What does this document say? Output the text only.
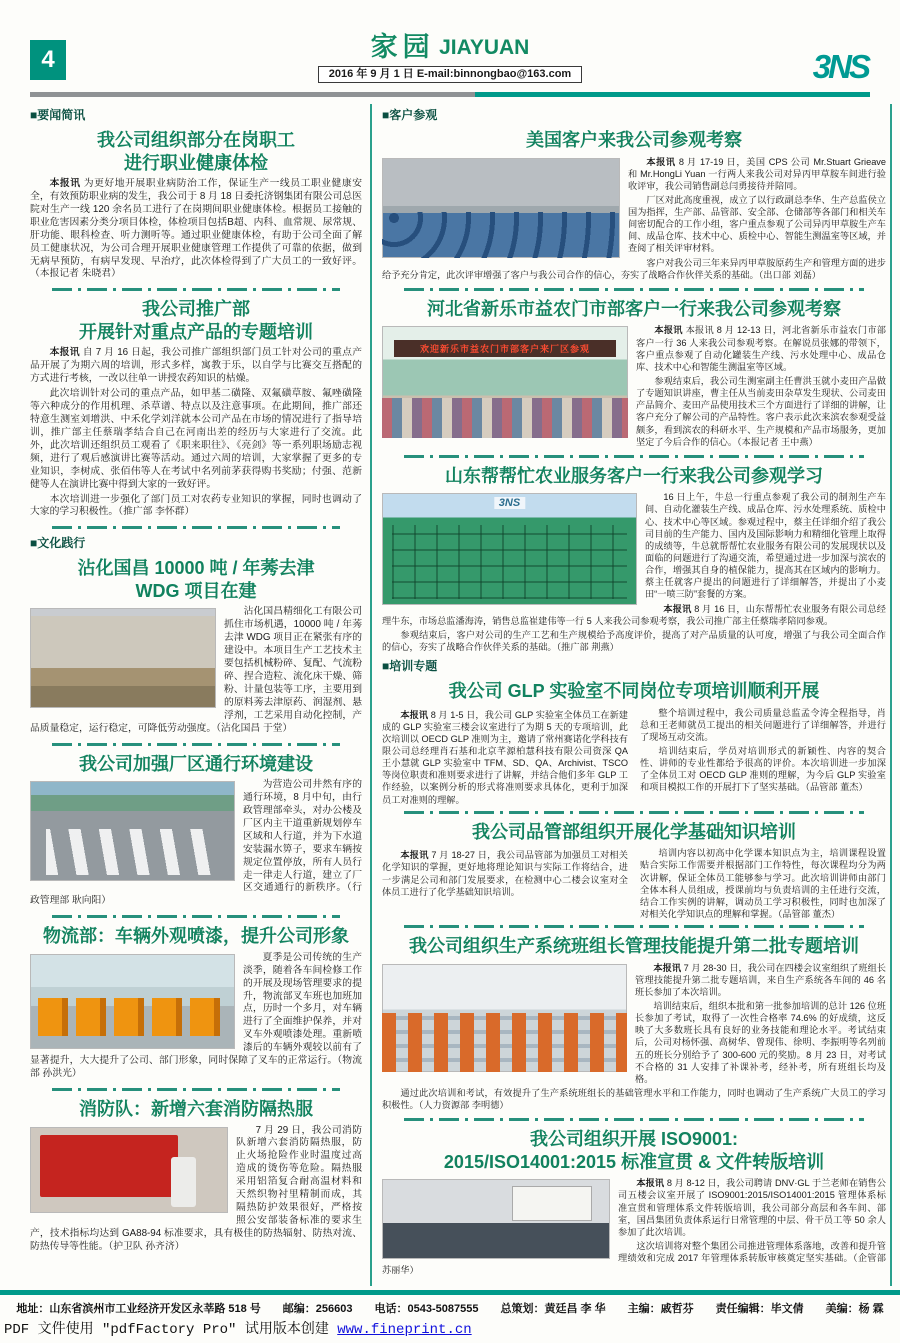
4	家园 JIAYUAN
2016 年 9 月 1 日 E-mail:binnongbao@163.com	3NS
■要闻简讯
我公司组织部分在岗职工
进行职业健康体检

本报讯 为更好地开展职业病防治工作，保证生产一线员工职业健康安全，有效预防职业病的发生，我公司于 8 月 18 日委托济钢集团有限公司总医院对生产一线 120 余名员工进行了在岗期间职业健康体检。根据员工接触的职业危害因素分类分项目体检，体检项目包括B超、内科、血常规、尿常规、肝功能、眼科检查、听力测听等。通过职业健康体检，有助于公司全面了解员工健康状况，为公司合理开展职业健康管理工作提供了可靠的依据，做到无病早预防，有病早发现、早治疗，此次体检得到了广大员工的一致好评。（本报记者 朱晓君）

我公司推广部
开展针对重点产品的专题培训

本报讯 自 7 月 16 日起，我公司推广部组织部门员工针对公司的重点产品开展了为期六周的培训，形式多样，寓教于乐，以自学与比赛交互搭配的方式进行考核，一改以往单一讲授农药知识的枯燥。

此次培训针对公司的重点产品，如甲基二磺隆、双氟磺草胺、氟唑磺隆等六种成分的作用机理、杀草谱、特点以及注意事项。在此期间，推广部还特意生测室刘增洪、中禾化学刘洋就本公司产品在市场的情况进行了指导培训，推广部主任蔡瑞孝结合自己在河南出差的经历与大家进行了交流。此外，此次培训还组织员工观看了《职来职往》、《亮剑》等一系列职场励志视频，进行了观后感演讲比赛等活动。通过六周的培训，大家掌握了更多的专业知识，李树成、张佰伟等人在考试中名列前茅获得购书奖励；付强、范新健等人在演讲比赛中得到大家的一致好评。

本次培训进一步强化了部门员工对农药专业知识的掌握，同时也调动了大家的学习积极性。（推广部 李怀群）

■文化践行
沾化国昌 10000 吨 / 年莠去津
WDG 项目在建

沾化国昌精细化工有限公司抓住市场机遇，10000 吨 / 年莠去津 WDG 项目正在紧张有序的建设中。本项目生产工艺技术主要包括机械粉碎、复配、气流粉碎、捏合造粒、流化床干燥、筛粉、计量包装等工序，主要用到的原料莠去津原药、润湿剂、悬浮剂，工艺采用自动化控制，产品质量稳定，运行稳定，可降低劳动强度。（沾化国昌 于堂）

我公司加强厂区通行环境建设

为营造公司井然有序的通行环境，8 月中旬，由行政管理部牵头，对办公楼及厂区内主干道重新规划停车区域和人行道，并为下水道安装漏水箅子，要求车辆按规定位置停放，所有人员行走一律走人行道，建立了厂区交通通行的新秩序。（行政管理部 耿向阳）

物流部：车辆外观喷漆，提升公司形象

夏季是公司传统的生产淡季，随着各车间检修工作的开展及现场管理要求的提升，物流部叉车班也加班加点，历时一个多月，对车辆进行了全面维护保养，并对叉车外观喷漆处理。重新喷漆后的车辆外观较以前有了显著提升，大大提升了公司、部门形象，同时保障了叉车的正常运行。（物流部 孙洪光）

消防队：新增六套消防隔热服

7 月 29 日，我公司消防队新增六套消防隔热服，防止火场抢险作业时温度过高造成的烫伤等危险。隔热服采用铝箔复合耐高温材料和天然织物衬里精制而成，其隔热防护效果很好，严格按照公安部装备标准的要求生产，技术指标均达到 GA88-94 标准要求，具有极佳的防热辐射、防热对流、防热传导等性能。（护卫队 孙齐济）

■客户参观
美国客户来我公司参观考察

本报讯 8 月 17-19 日，美国 CPS 公司 Mr.Stuart Grieave 和 Mr.HongLi Yuan 一行两人来我公司对异丙甲草胺车间进行验收评审，我公司销售副总闫勇接待并陪同。

厂区对此高度重视，成立了以行政副总李华、生产总监侯立国为指挥，生产部、品管部、安全部、仓储部等各部门和相关车间密切配合的工作小组，客户重点参观了公司异丙甲草胺生产车间、成品仓库、技术中心、质检中心、智能生测温室等区域，并查阅了相关评审材料。

客户对我公司三年来异丙甲草胺原药生产和管理方面的进步给予充分肯定，此次评审增强了客户与我公司合作的信心，夯实了战略合作伙伴关系的基础。（出口部 刘磊）

河北省新乐市益农门市部客户一行来我公司参观考察
欢迎新乐市益农门市部客户来厂区参观

本报讯 本报讯 8 月 12-13 日，河北省新乐市益农门市部客户一行 36 人来我公司参观考察。在解说员张娜的带领下，客户重点参观了自动化罐装生产线、污水处理中心、成品仓库、技术中心和智能生测温室等区域。

参观结束后，我公司生测室副主任曹洪玉就小麦田产品做了专题知识讲座，曹主任从当前麦田杂草发生现状、公司麦田产品简介、麦田产品使用技术三个方面进行了详细的讲解，让客户充分了解公司的产品特性。客户表示此次来滨农参观受益颇多，看到滨农的科研水平、生产规模和产品市场服务，更加坚定了今后合作的信心。（本报记者 王中燕）

山东帮帮忙农业服务客户一行来我公司参观学习
3NS	16 日上午，牛总一行重点参观了我公司的制剂生产车间、自动化灌装生产线、成品仓库、污水处理系统、质检中心、技术中心等区域。参观过程中，蔡主任详细介绍了我公司目前的生产能力、国内及国际影响力和精细化管理上取得的成绩等，牛总就帮帮忙农业服务有限公司的发展现状以及面临的问题进行了沟通交流，希望通过进一步加深与滨农的合作，增强其自身的植保能力，提高其在区域内的影响力。蔡主任就客户提出的问题进行了详细解答，并提出了小麦田“一喷三防”套餐的方案。

本报讯 8 月 16 日，山东帮帮忙农业服务有限公司总经理牛东，市场总监潘海涛，销售总监崔建伟等一行 5 人来我公司参观考察，我公司推广部主任蔡瑞孝陪同参观。

参观结束后，客户对公司的生产工艺和生产规模给予高度评价，提高了对产品质量的认可度，增强了与我公司全面合作的信心，夯实了战略合作伙伴关系的基础。（推广部 荆燕）

■培训专题
我公司 GLP 实验室不同岗位专项培训顺利开展

本报讯 8 月 1-5 日，我公司 GLP 实验室全体员工在新建成的 GLP 实验室三楼会议室进行了为期 5 天的专项培训，此次培训以 OECD GLP 准则为主，邀请了常州赛诺化学科技有限公司总经理肖石基和北京芊源柏慧科技有限公司资深 QA 王小慧就 GLP 实验室中 TFM、SD、QA、Archivist、TSCO 等岗位职责和准则要求进行了讲解，并结合他们多年 GLP 工作经验，以案例分析的形式将准则要求具体化，更利于加深员工对准则的理解。

整个培训过程中，我公司质量总监孟令涛全程指导，肖总和王老师就员工提出的相关问题进行了详细解答，并进行了现场互动交流。

培训结束后，学员对培训形式的新颖性、内容的契合性、讲师的专业性都给予很高的评价。本次培训进一步加深了全体员工对 OECD GLP 准则的理解，为今后 GLP 实验室和项目模拟工作的开展打下了坚实基础。（品管部 董杰）

我公司品管部组织开展化学基础知识培训

本报讯 7 月 18-27 日，我公司品管部为加强员工对相关化学知识的掌握，更好地将理论知识与实际工作将结合，进一步满足公司和部门发展要求，在检测中心二楼会议室对全体员工进行了化学基础知识培训。

培训内容以初高中化学课本知识点为主，培训课程设置贴合实际工作需要并根据部门工作特性，每次课程均分为两次讲解，保证全体员工能够参与学习。此次培训讲师由部门全体本科人员组成，授课前均与负责培训的主任进行交流，结合工作实例的讲解，调动员工学习积极性，同时也加深了对相关化学知识点的理解和掌握。（品管部 董杰）

我公司组织生产系统班组长管理技能提升第二批专题培训

本报讯 7 月 28-30 日，我公司在四楼会议室组织了班组长管理技能提升第二批专题培训，来自生产系统各车间的 46 名班长参加了本次培训。

培训结束后，组织本批和第一批参加培训的总计 126 位班长参加了考试，取得了一次性合格率 74.6% 的好成绩，这反映了大多数班长具有良好的业务技能和理论水平。考试结束后，公司对杨怀强、高树华、曾现伟、徐明、李振明等名列前五的班长分别给予了 300-600 元的奖励。8 月 23 日，对考试不合格的 31 人安排了补课补考，经补考，所有班组长均及格。

通过此次培训和考试，有效提升了生产系统班组长的基础管理水平和工作能力，同时也调动了生产系统广大员工的学习积极性。（人力资源部 李明德）

我公司组织开展 ISO9001:
2015/ISO14001:2015 标准宣贯 & 文件转版培训

本报讯 8 月 8-12 日，我公司聘请 DNV·GL 于兰老师在销售公司五楼会议室开展了 ISO9001:2015/ISO14001:2015 管理体系标准宣贯和管理体系文件转版培训，我公司部分高层和各车间、部室，国昌集团负责体系运行日常管理的中层、骨干员工等 50 余人参加了此次培训。

这次培训将对整个集团公司推进管理体系落地，改善和提升管理绩效和完成 2017 年管理体系转版审核奠定坚实基础。（企管部 苏丽华）

地址：山东省滨州市工业经济开发区永莘路 518 号　　邮编：256603　　电话：0543-5087555　　总策划：黄廷昌 李 华　　主编：戚哲芬　　责任编辑：毕文倩　　美编：杨 霖
PDF 文件使用 "pdfFactory Pro" 试用版本创建 www.fineprint.cn
